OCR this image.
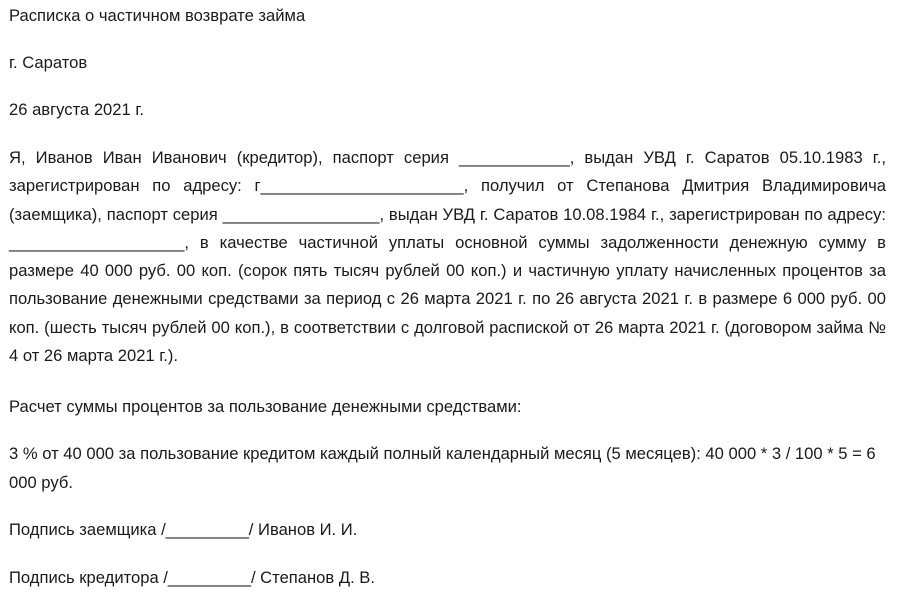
Расписка о частичном возврате займа

г. Саратов

26 августа 2021 г.

Я, Иванов Иван Иванович (кредитор), паспорт серия ____________, выдан УВД г. Саратов 05.10.1983 г., зарегистрирован по адресу: г______________________, получил от Степанова Дмитрия Владимировича (заемщика), паспорт серия _________________, выдан УВД г. Саратов 10.08.1984 г., зарегистрирован по адресу: ___________________, в качестве частичной уплаты основной суммы задолженности денежную сумму в размере 40 000 руб. 00 коп. (сорок пять тысяч рублей 00 коп.) и частичную уплату начисленных процентов за пользование денежными средствами за период с 26 марта 2021 г. по 26 августа 2021 г. в размере 6 000 руб. 00 коп. (шесть тысяч рублей 00 коп.), в соответствии с долговой распиской от 26 марта 2021 г. (договором займа № 4 от 26 марта 2021 г.).

Расчет суммы процентов за пользование денежными средствами:

3 % от 40 000 за пользование кредитом каждый полный календарный месяц (5 месяцев): 40 000 * 3 / 100 * 5 = 6 000 руб.

Подпись заемщика /_________/ Иванов И. И.

Подпись кредитора /_________/ Степанов Д. В.
